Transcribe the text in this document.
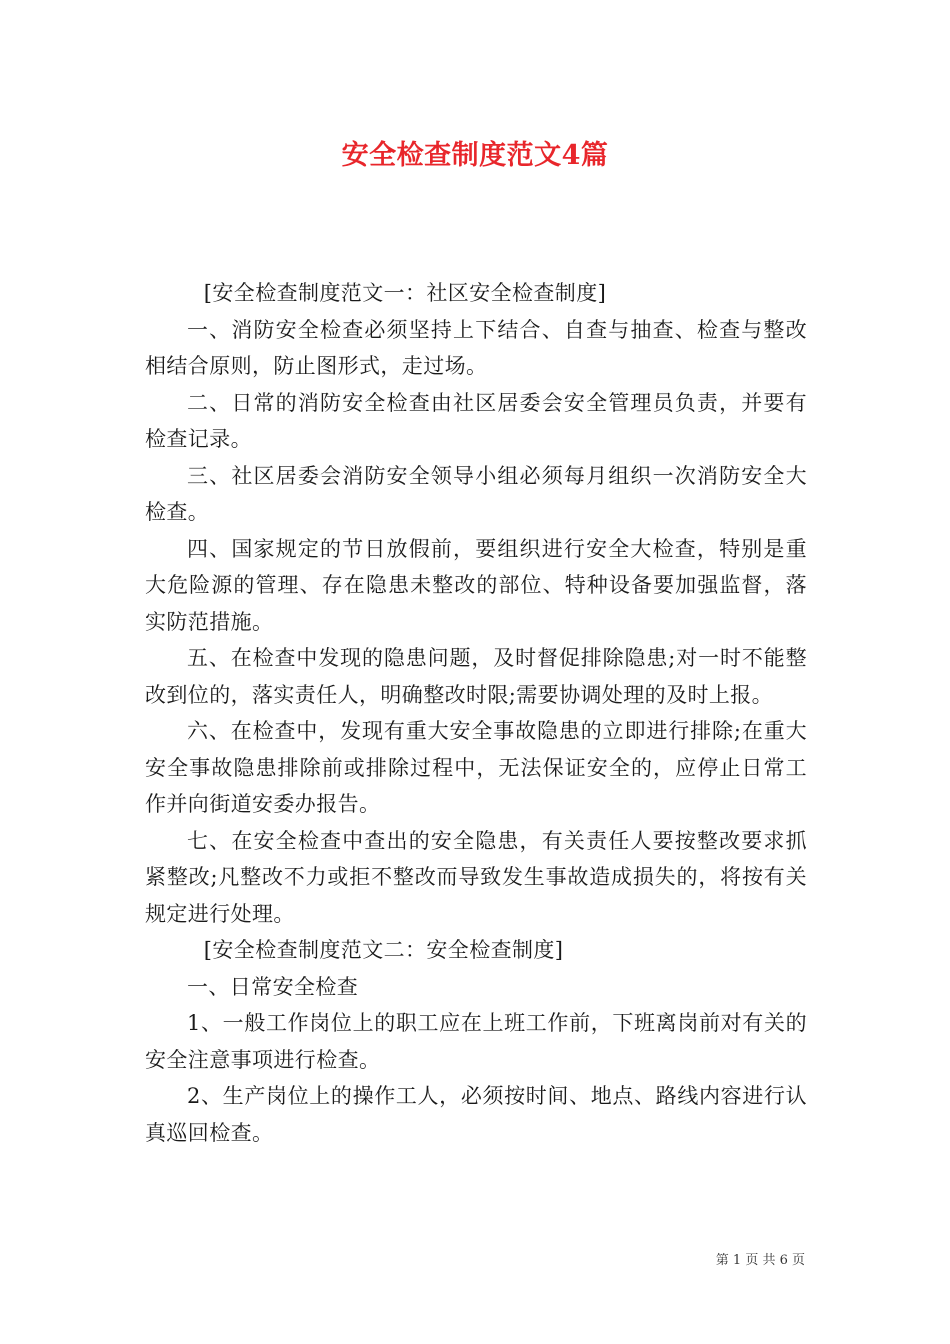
安全检查制度范文4篇

[安全检查制度范文一：社区安全检查制度]

一、消防安全检查必须坚持上下结合、自查与抽查、检查与整改相结合原则，防止图形式，走过场。

二、日常的消防安全检查由社区居委会安全管理员负责，并要有检查记录。

三、社区居委会消防安全领导小组必须每月组织一次消防安全大检查。

四、国家规定的节日放假前，要组织进行安全大检查，特别是重大危险源的管理、存在隐患未整改的部位、特种设备要加强监督，落实防范措施。

五、在检查中发现的隐患问题，及时督促排除隐患;对一时不能整改到位的，落实责任人，明确整改时限;需要协调处理的及时上报。

六、在检查中，发现有重大安全事故隐患的立即进行排除;在重大安全事故隐患排除前或排除过程中，无法保证安全的，应停止日常工作并向街道安委办报告。

七、在安全检查中查出的安全隐患，有关责任人要按整改要求抓紧整改;凡整改不力或拒不整改而导致发生事故造成损失的，将按有关规定进行处理。

[安全检查制度范文二：安全检查制度]

一、日常安全检查

1、一般工作岗位上的职工应在上班工作前，下班离岗前对有关的安全注意事项进行检查。

2、生产岗位上的操作工人，必须按时间、地点、路线内容进行认真巡回检查。

第 1 页 共 6 页
